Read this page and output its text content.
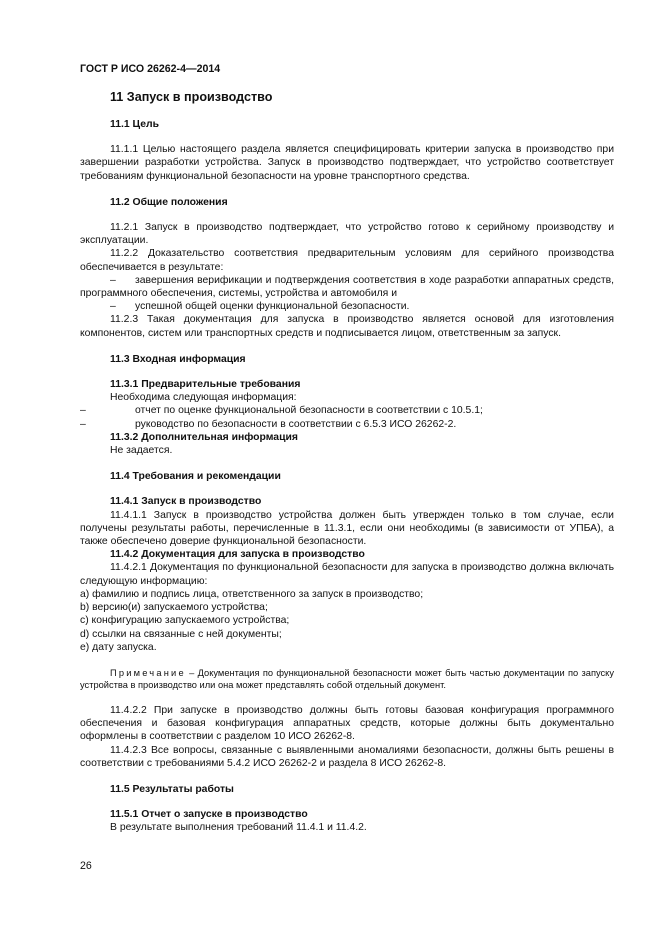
ГОСТ Р ИСО 26262-4—2014
11 Запуск в производство
11.1 Цель

11.1.1 Целью настоящего раздела является специфицировать критерии запуска в производство при завершении разработки устройства. Запуск в производство подтверждает, что устройство соответствует требованиям функциональной безопасности на уровне транспортного средства.

11.2 Общие положения

11.2.1 Запуск в производство подтверждает, что устройство готово к серийному производству и эксплуатации.

11.2.2 Доказательство соответствия предварительным условиям для серийного производства обеспечивается в результате:

– завершения верификации и подтверждения соответствия в ходе разработки аппаратных средств, программного обеспечения, системы, устройства и автомобиля и

– успешной общей оценки функциональной безопасности.

11.2.3 Такая документация для запуска в производство является основой для изготовления компонентов, систем или транспортных средств и подписывается лицом, ответственным за запуск.

11.3 Входная информация
11.3.1 Предварительные требования

Необходима следующая информация:

–	отчет по оценке функциональной безопасности в соответствии с 10.5.1;

–	руководство по безопасности в соответствии с 6.5.3 ИСО 26262-2.

11.3.2 Дополнительная информация

Не задается.

11.4 Требования и рекомендации
11.4.1 Запуск в производство

11.4.1.1 Запуск в производство устройства должен быть утвержден только в том случае, если получены результаты работы, перечисленные в 11.3.1, если они необходимы (в зависимости от УПБА), а также обеспечено доверие функциональной безопасности.

11.4.2 Документация для запуска в производство

11.4.2.1 Документация по функциональной безопасности для запуска в производство должна включать следующую информацию:

a) фамилию и подпись лица, ответственного за запуск в производство;

b) версию(и) запускаемого устройства;

c) конфигурацию запускаемого устройства;

d) ссылки на связанные с ней документы;

e) дату запуска.

Примечание – Документация по функциональной безопасности может быть частью документации по запуску устройства в производство или она может представлять собой отдельный документ.

11.4.2.2 При запуске в производство должны быть готовы базовая конфигурация программного обеспечения и базовая конфигурация аппаратных средств, которые должны быть документально оформлены в соответствии с разделом 10 ИСО 26262-8.

11.4.2.3 Все вопросы, связанные с выявленными аномалиями безопасности, должны быть решены в соответствии с требованиями 5.4.2 ИСО 26262-2 и раздела 8 ИСО 26262-8.

11.5 Результаты работы
11.5.1 Отчет о запуске в производство

В результате выполнения требований 11.4.1 и 11.4.2.

26
